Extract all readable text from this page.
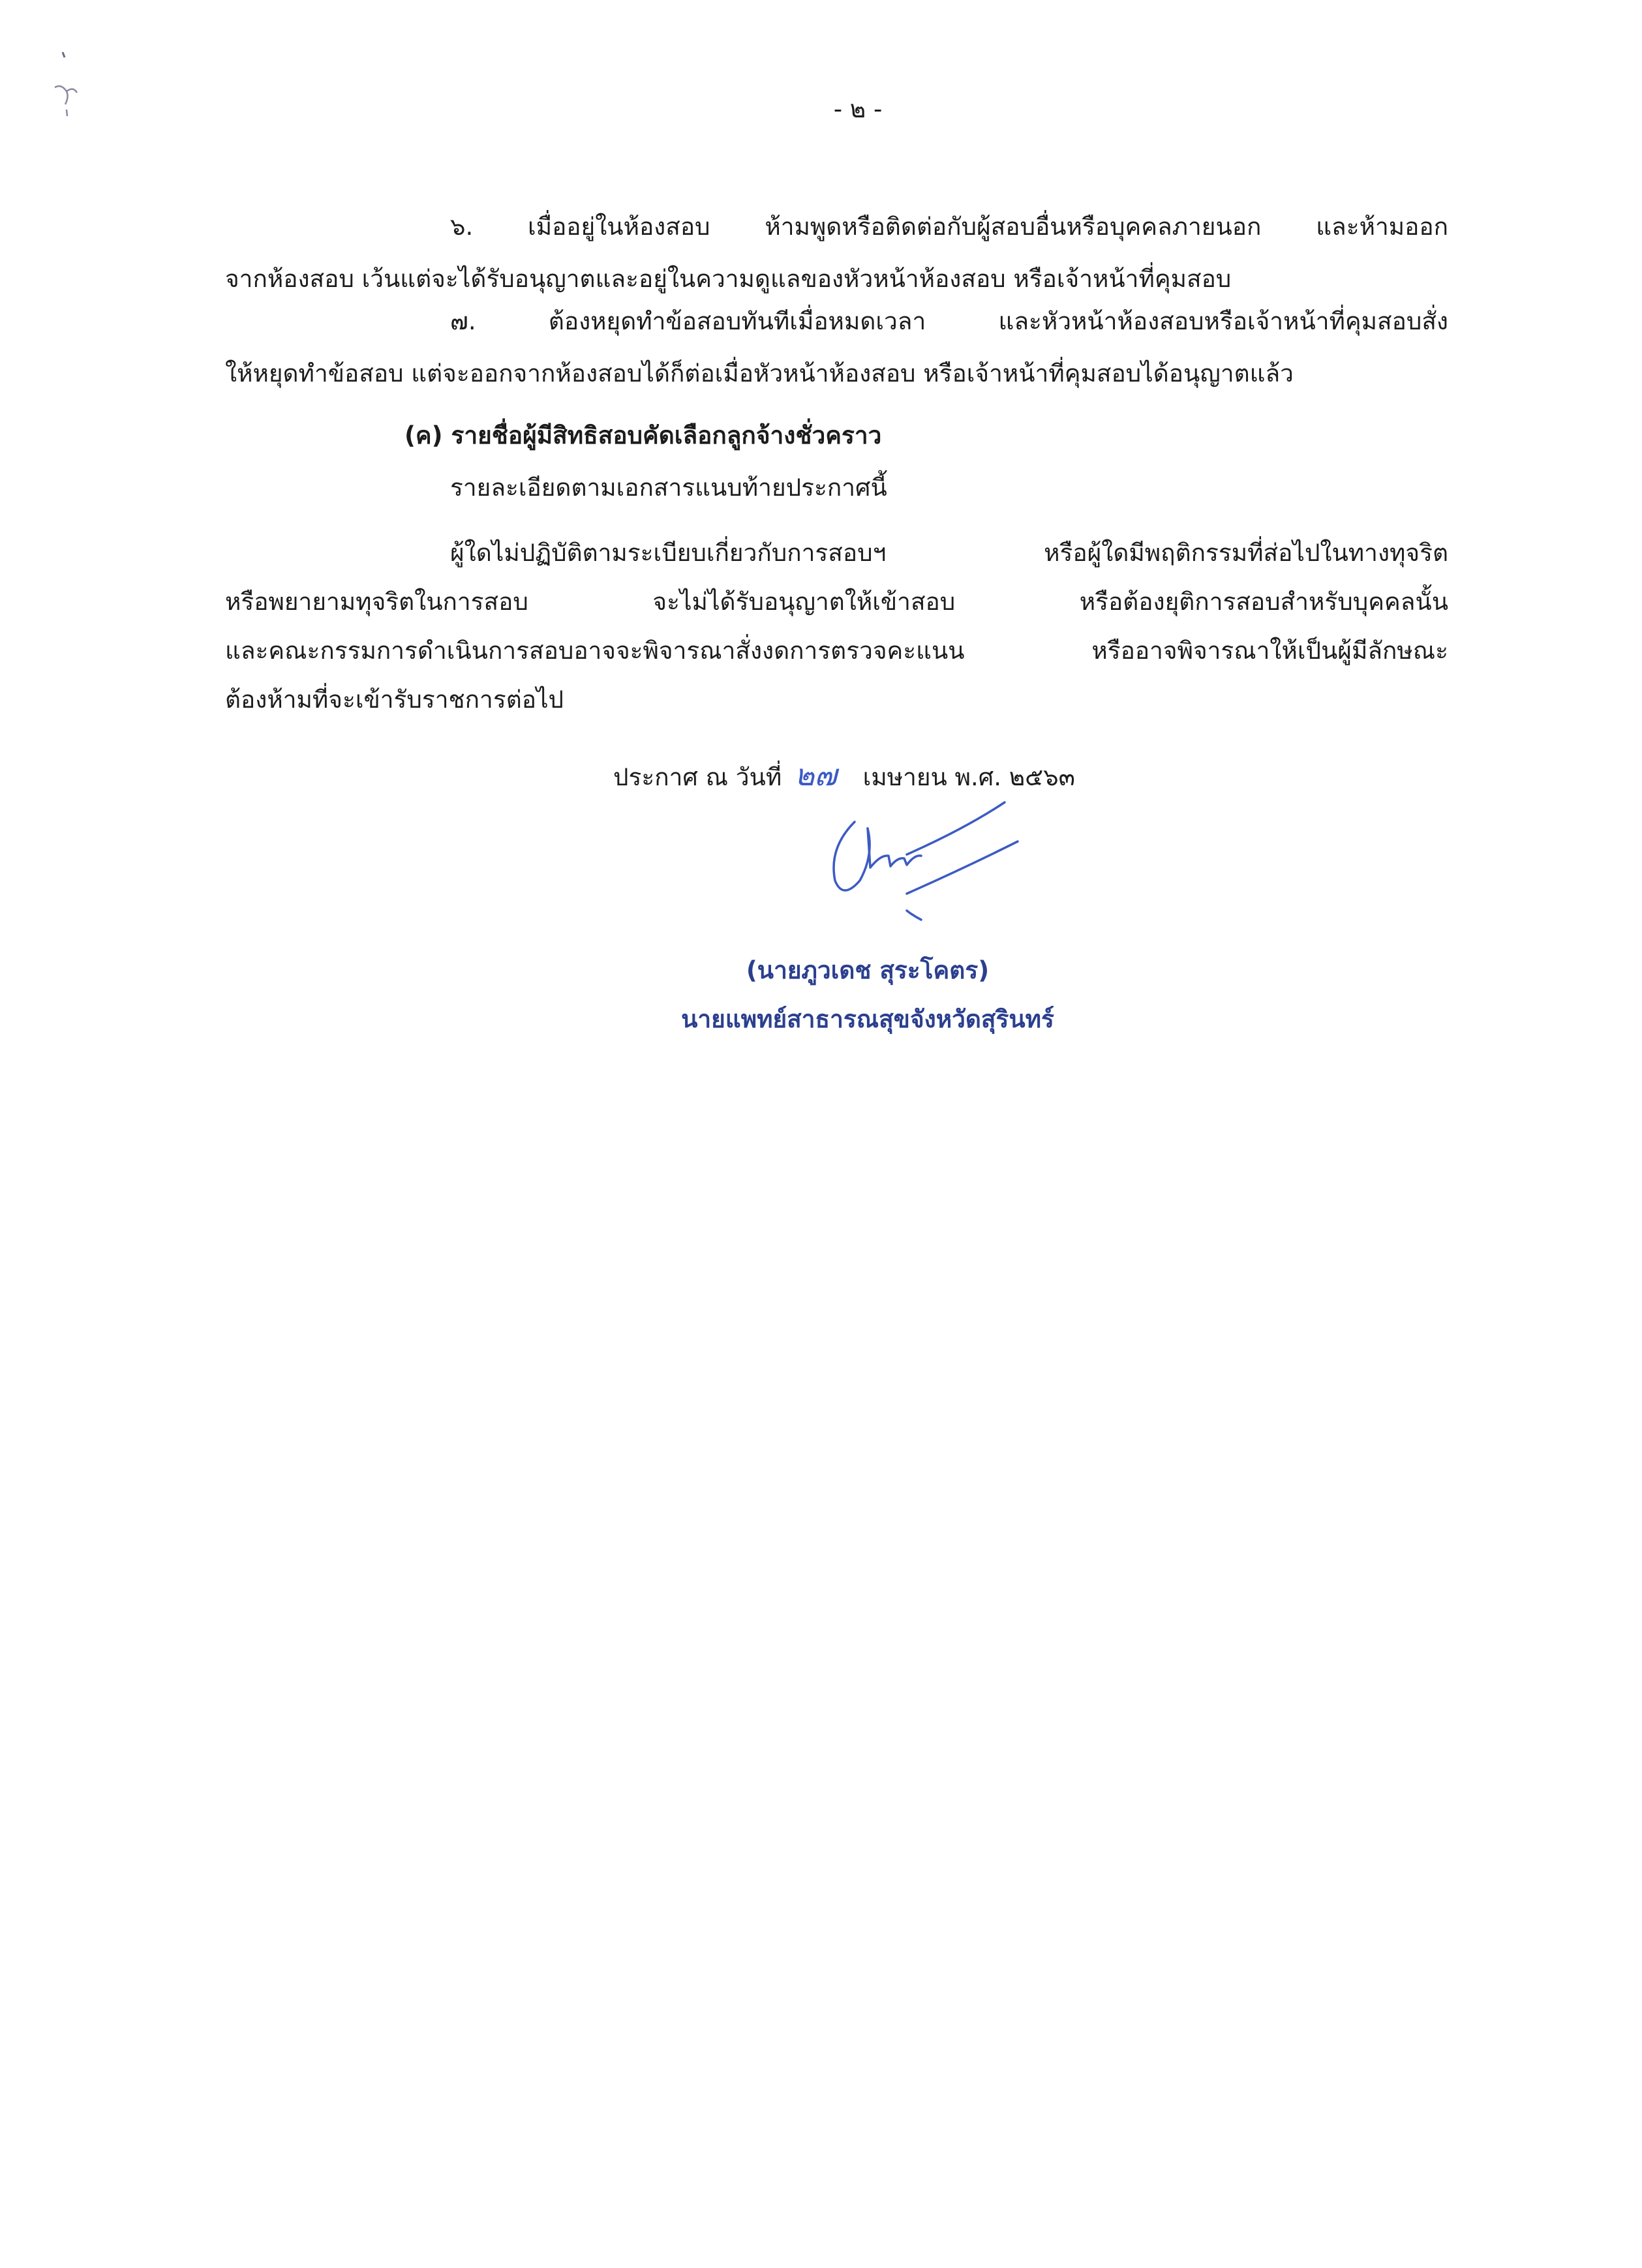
- ๒ -
๖. เมื่ออยู่ในห้องสอบ ห้ามพูดหรือติดต่อกับผู้สอบอื่นหรือบุคคลภายนอก และห้ามออก
จากห้องสอบ เว้นแต่จะได้รับอนุญาตและอยู่ในความดูแลของหัวหน้าห้องสอบ หรือเจ้าหน้าที่คุมสอบ
๗. ต้องหยุดทำข้อสอบทันทีเมื่อหมดเวลา และหัวหน้าห้องสอบหรือเจ้าหน้าที่คุมสอบสั่ง
ให้หยุดทำข้อสอบ แต่จะออกจากห้องสอบได้ก็ต่อเมื่อหัวหน้าห้องสอบ หรือเจ้าหน้าที่คุมสอบได้อนุญาตแล้ว
(ค) รายชื่อผู้มีสิทธิสอบคัดเลือกลูกจ้างชั่วคราว
รายละเอียดตามเอกสารแนบท้ายประกาศนี้
ผู้ใดไม่ปฏิบัติตามระเบียบเกี่ยวกับการสอบฯ หรือผู้ใดมีพฤติกรรมที่ส่อไปในทางทุจริต
หรือพยายามทุจริตในการสอบ จะไม่ได้รับอนุญาตให้เข้าสอบ หรือต้องยุติการสอบสำหรับบุคคลนั้น
และคณะกรรมการดำเนินการสอบอาจจะพิจารณาสั่งงดการตรวจคะแนน หรืออาจพิจารณาให้เป็นผู้มีลักษณะ
ต้องห้ามที่จะเข้ารับราชการต่อไป
ประกาศ ณ วันที่ ๒๗ เมษายน พ.ศ. ๒๕๖๓
(นายภูวเดช สุระโคตร)
นายแพทย์สาธารณสุขจังหวัดสุรินทร์
